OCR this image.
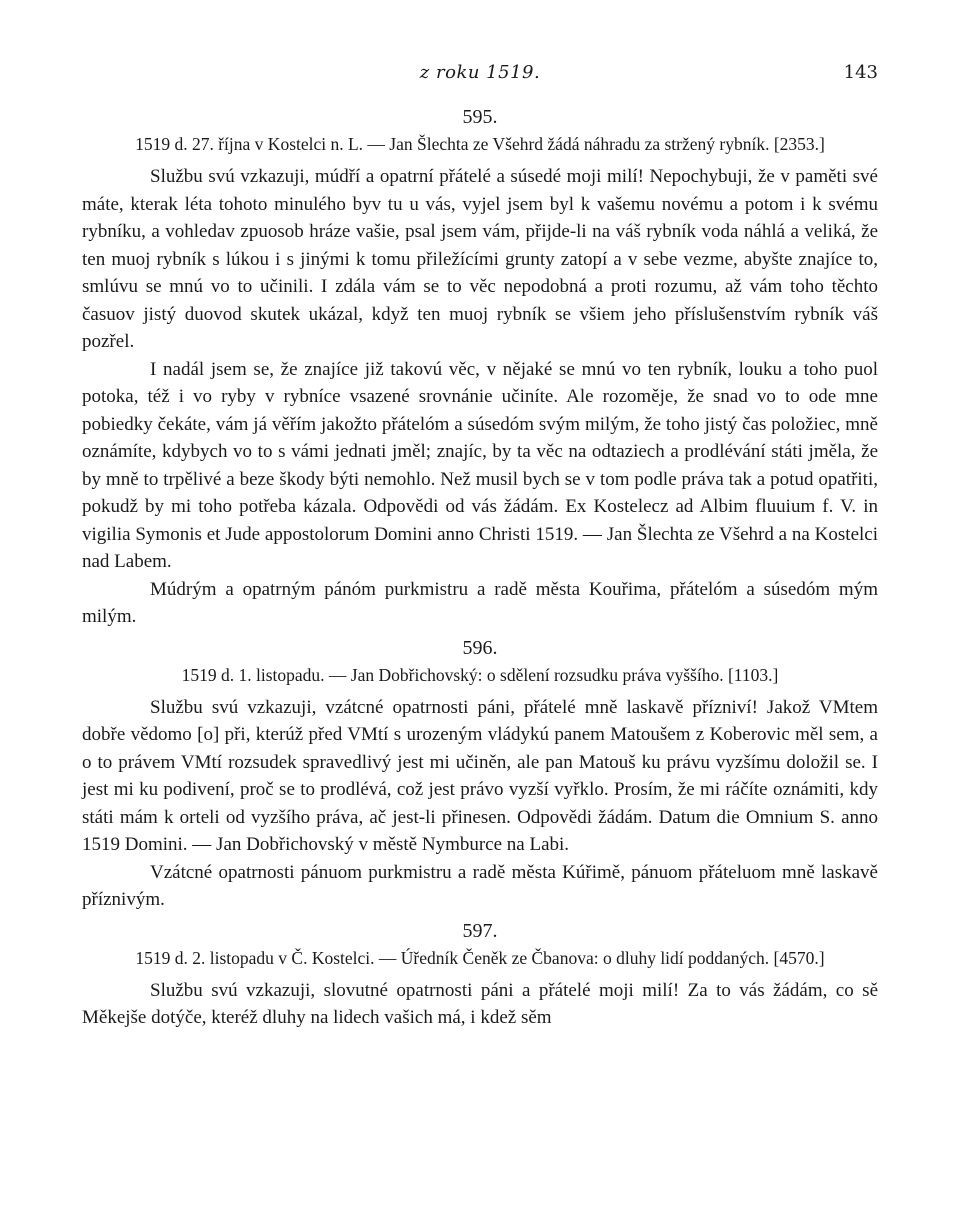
z roku 1519.	143
595.
1519 d. 27. října v Kostelci n. L. — Jan Šlechta ze Všehrd žádá náhradu za stržený rybník. [2353.]

Službu svú vzkazuji, múdří a opatrní přátelé a súsedé moji milí! Nepochybuji, že v paměti své máte, kterak léta tohoto minulého byv tu u vás, vyjel jsem byl k vašemu novému a potom i k svému rybníku, a vohledav zpuosob hráze vašie, psal jsem vám, přijde-li na váš rybník voda náhlá a veliká, že ten muoj rybník s lúkou i s jinými k tomu přiležícími grunty zatopí a v sebe vezme, abyšte znajíce to, smlúvu se mnú vo to učinili. I zdála vám se to věc nepodobná a proti rozumu, až vám toho těchto časuov jistý duovod skutek ukázal, když ten muoj rybník se všiem jeho příslušenstvím rybník váš pozřel.

I nadál jsem se, že znajíce již takovú věc, v nějaké se mnú vo ten rybník, louku a toho puol potoka, též i vo ryby v rybníce vsazené srovnánie učiníte. Ale rozoměje, že snad vo to ode mne pobiedky čekáte, vám já věřím jakožto přátelóm a súsedóm svým milým, že toho jistý čas položiec, mně oznámíte, kdybych vo to s vámi jednati jměl; znajíc, by ta věc na odtaziech a prodlévání státi jměla, že by mně to trpělivé a beze škody býti nemohlo. Než musil bych se v tom podle práva tak a potud opatřiti, pokudž by mi toho potřeba kázala. Odpovědi od vás žádám. Ex Kostelecz ad Albim fluuium f. V. in vigilia Symonis et Jude appostolorum Domini anno Christi 1519. — Jan Šlechta ze Všehrd a na Kostelci nad Labem.

Múdrým a opatrným pánóm purkmistru a radě města Kouřima, přátelóm a súsedóm mým milým.

596.
1519 d. 1. listopadu. — Jan Dobřichovský: o sdělení rozsudku práva vyššího. [1103.]

Službu svú vzkazuji, vzátcné opatrnosti páni, přátelé mně laskavě přízniví! Jakož VMtem dobře vědomo [o] při, kterúž před VMtí s urozeným vládykú panem Matoušem z Koberovic měl sem, a o to právem VMtí rozsudek spravedlivý jest mi učiněn, ale pan Matouš ku právu vyzšímu doložil se. I jest mi ku podivení, proč se to prodlévá, což jest právo vyzší vyřklo. Prosím, že mi ráčíte oznámiti, kdy státi mám k orteli od vyzšího práva, ač jest-li přinesen. Odpovědi žádám. Datum die Omnium S. anno 1519 Domini. — Jan Dobřichovský v městě Nymburce na Labi.

Vzátcné opatrnosti pánuom purkmistru a radě města Kúřimě, pánuom přáteluom mně laskavě příznivým.

597.
1519 d. 2. listopadu v Č. Kostelci. — Úředník Čeněk ze Čbanova: o dluhy lidí poddaných. [4570.]

Službu svú vzkazuji, slovutné opatrnosti páni a přátelé moji milí! Za to vás žádám, co sě Měkejše dotýče, kteréž dluhy na lidech vašich má, i kdež sěm
